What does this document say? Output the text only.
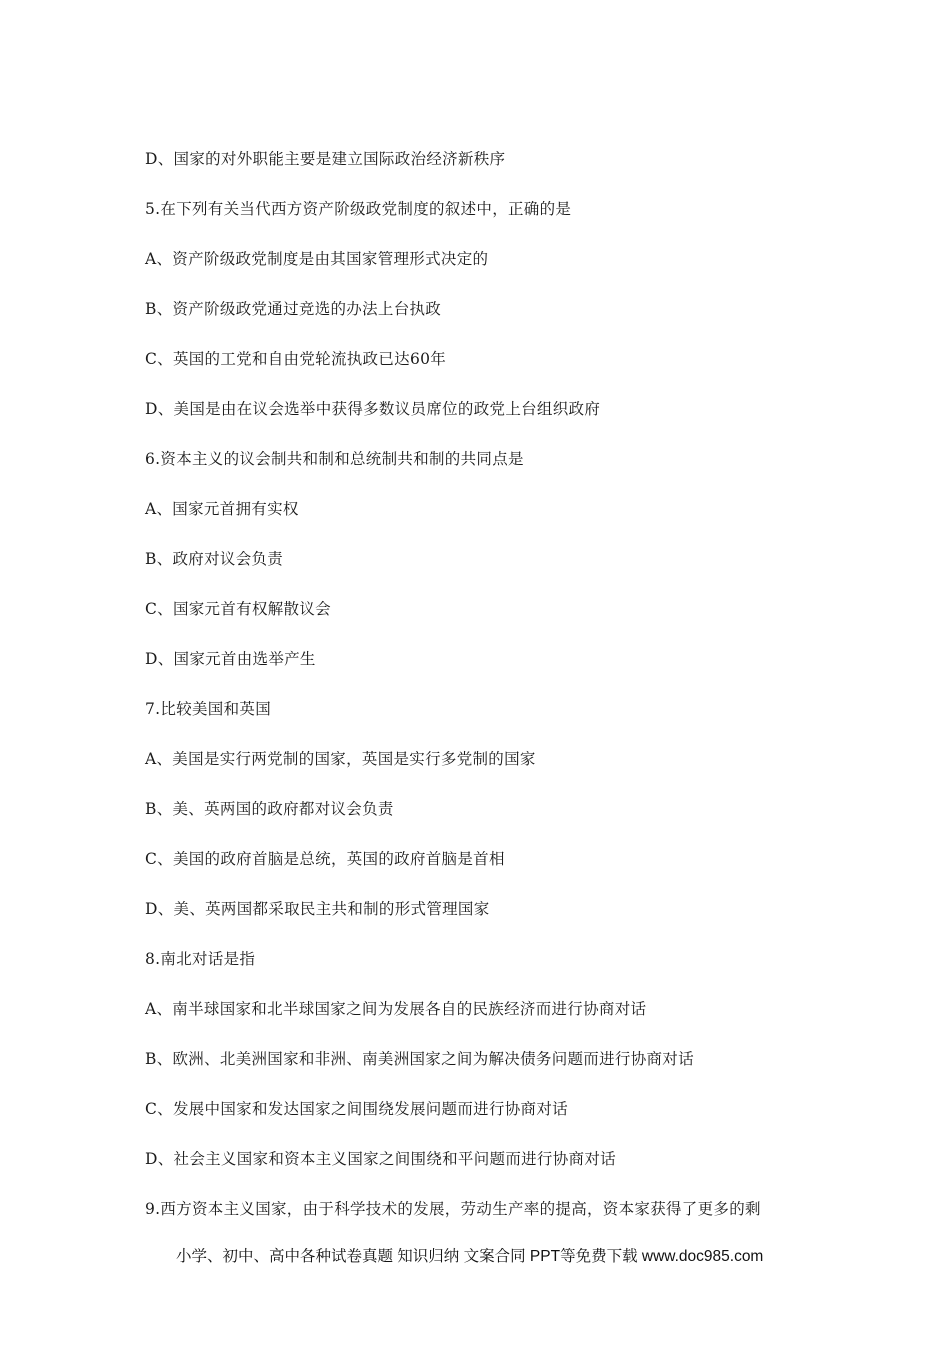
D、国家的对外职能主要是建立国际政治经济新秩序
5.在下列有关当代西方资产阶级政党制度的叙述中，正确的是
A、资产阶级政党制度是由其国家管理形式决定的
B、资产阶级政党通过竞选的办法上台执政
C、英国的工党和自由党轮流执政已达60年
D、美国是由在议会选举中获得多数议员席位的政党上台组织政府
6.资本主义的议会制共和制和总统制共和制的共同点是
A、国家元首拥有实权
B、政府对议会负责
C、国家元首有权解散议会
D、国家元首由选举产生
7.比较美国和英国
A、美国是实行两党制的国家，英国是实行多党制的国家
B、美、英两国的政府都对议会负责
C、美国的政府首脑是总统，英国的政府首脑是首相
D、美、英两国都采取民主共和制的形式管理国家
8.南北对话是指
A、南半球国家和北半球国家之间为发展各自的民族经济而进行协商对话
B、欧洲、北美洲国家和非洲、南美洲国家之间为解决债务问题而进行协商对话
C、发展中国家和发达国家之间围绕发展问题而进行协商对话
D、社会主义国家和资本主义国家之间围绕和平问题而进行协商对话
9.西方资本主义国家，由于科学技术的发展，劳动生产率的提高，资本家获得了更多的剩
小学、初中、高中各种试卷真题 知识归纳 文案合同 PPT等免费下载 www.doc985.com
